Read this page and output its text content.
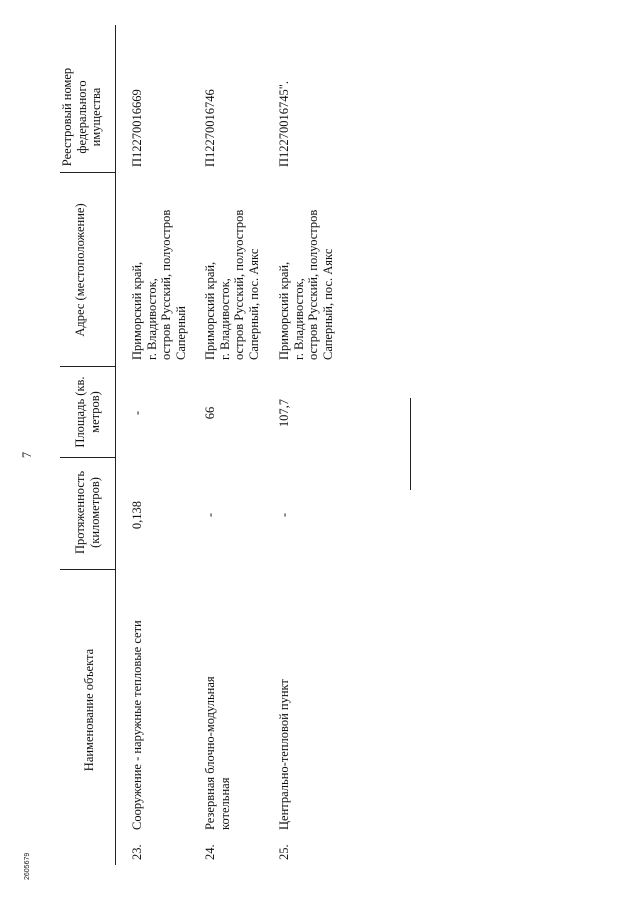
7
Наименование объекта
Протяженность (километров)
Площадь (кв. метров)
Адрес (местоположение)
Реестровый номер федерального имущества
23.
Сооружение - наружные тепловые сети
0,138
-
Приморский край, г. Владивосток, остров Русский, полуостров Саперный
П12270016669
24.
Резервная блочно-модульная котельная
-
66
Приморский край, г. Владивосток, остров Русский, полуостров Саперный, пос. Аякс
П12270016746
25.
Центрально-тепловой пункт
-
107,7
Приморский край, г. Владивосток, остров Русский, полуостров Саперный, пос. Аякс
П12270016745".
2605679
